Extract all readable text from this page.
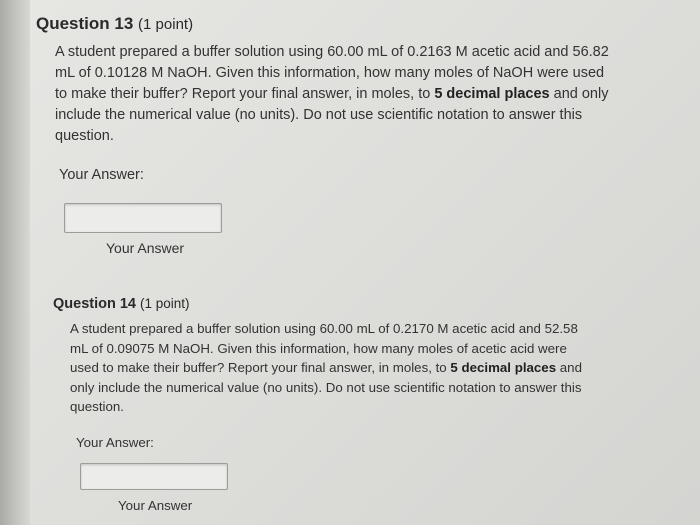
Question 13 (1 point)
A student prepared a buffer solution using 60.00 mL of 0.2163 M acetic acid and 56.82 mL of 0.10128 M NaOH. Given this information, how many moles of NaOH were used to make their buffer? Report your final answer, in moles, to 5 decimal places and only include the numerical value (no units). Do not use scientific notation to answer this question.
Your Answer:
Your Answer
Question 14 (1 point)
A student prepared a buffer solution using 60.00 mL of 0.2170 M acetic acid and 52.58 mL of 0.09075 M NaOH. Given this information, how many moles of acetic acid were used to make their buffer? Report your final answer, in moles, to 5 decimal places and only include the numerical value (no units). Do not use scientific notation to answer this question.
Your Answer:
Your Answer
